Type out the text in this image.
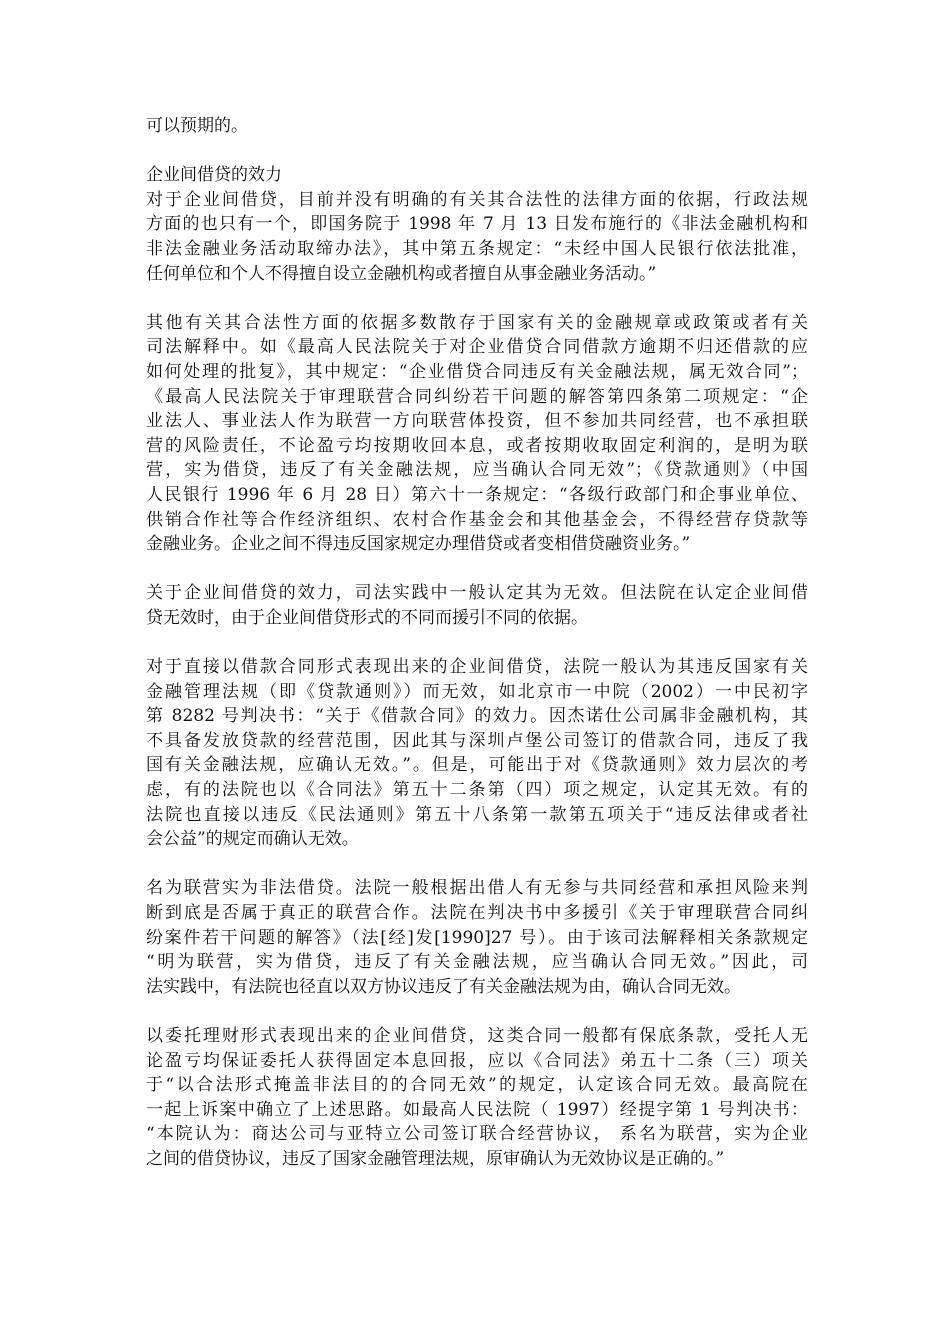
可以预期的。
企业间借贷的效力
对于企业间借贷，目前并没有明确的有关其合法性的法律方面的依据，行政法规
方面的也只有一个，即国务院于 1998 年 7 月 13 日发布施行的《非法金融机构和
非法金融业务活动取缔办法》，其中第五条规定：“未经中国人民银行依法批准，
任何单位和个人不得擅自设立金融机构或者擅自从事金融业务活动。”
其他有关其合法性方面的依据多数散存于国家有关的金融规章或政策或者有关
司法解释中。如《最高人民法院关于对企业借贷合同借款方逾期不归还借款的应
如何处理的批复》，其中规定：“企业借贷合同违反有关金融法规，属无效合同”；
《最高人民法院关于审理联营合同纠纷若干问题的解答第四条第二项规定：“企
业法人、事业法人作为联营一方向联营体投资，但不参加共同经营，也不承担联
营的风险责任，不论盈亏均按期收回本息，或者按期收取固定利润的，是明为联
营，实为借贷，违反了有关金融法规，应当确认合同无效”；《贷款通则》（中国
人民银行 1996 年 6 月 28 日）第六十一条规定：“各级行政部门和企事业单位、
供销合作社等合作经济组织、农村合作基金会和其他基金会，不得经营存贷款等
金融业务。企业之间不得违反国家规定办理借贷或者变相借贷融资业务。”
关于企业间借贷的效力，司法实践中一般认定其为无效。但法院在认定企业间借
贷无效时，由于企业间借贷形式的不同而援引不同的依据。
对于直接以借款合同形式表现出来的企业间借贷，法院一般认为其违反国家有关
金融管理法规（即《贷款通则》）而无效，如北京市一中院（2002）一中民初字
第 8282 号判决书：“关于《借款合同》的效力。因杰诺仕公司属非金融机构，其
不具备发放贷款的经营范围，因此其与深圳卢堡公司签订的借款合同，违反了我
国有关金融法规，应确认无效。”。但是，可能出于对《贷款通则》效力层次的考
虑，有的法院也以《合同法》第五十二条第（四）项之规定，认定其无效。有的
法院也直接以违反《民法通则》第五十八条第一款第五项关于“违反法律或者社
会公益”的规定而确认无效。
名为联营实为非法借贷。法院一般根据出借人有无参与共同经营和承担风险来判
断到底是否属于真正的联营合作。法院在判决书中多援引《关于审理联营合同纠
纷案件若干问题的解答》（法[经]发[1990]27 号）。由于该司法解释相关条款规定
“明为联营，实为借贷，违反了有关金融法规，应当确认合同无效。”因此，司
法实践中，有法院也径直以双方协议违反了有关金融法规为由，确认合同无效。
以委托理财形式表现出来的企业间借贷，这类合同一般都有保底条款，受托人无
论盈亏均保证委托人获得固定本息回报，应以《合同法》弟五十二条（三）项关
于“以合法形式掩盖非法目的的合同无效”的规定，认定该合同无效。最高院在
一起上诉案中确立了上述思路。如最高人民法院（ 1997）经提字第 1 号判决书：
“本院认为：商达公司与亚特立公司签订联合经营协议， 系名为联营，实为企业
之间的借贷协议，违反了国家金融管理法规，原审确认为无效协议是正确的。”
